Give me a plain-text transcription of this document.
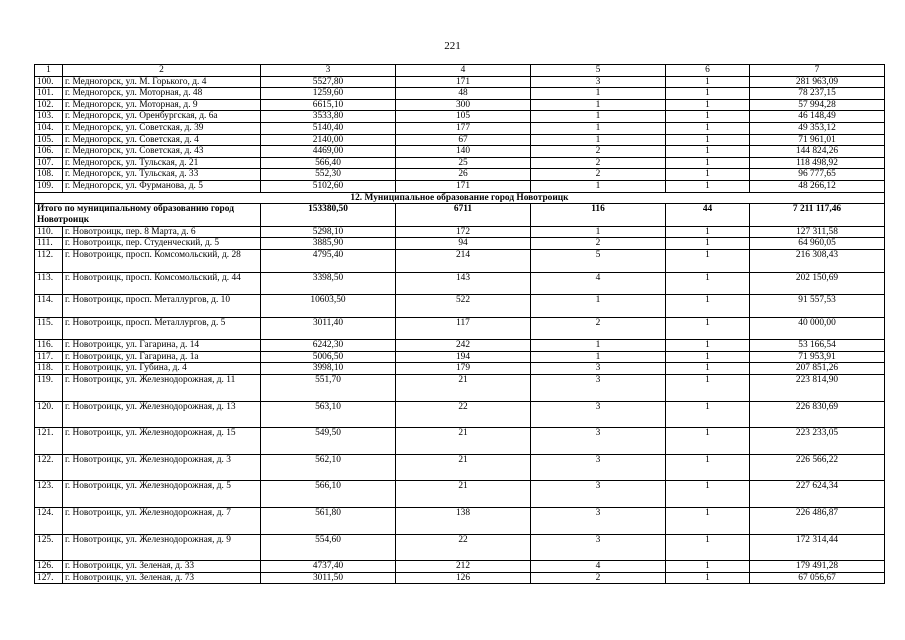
221
1	2	3	4	5	6	7
100.	г. Медногорск, ул. М. Горького, д. 4	5527,80	171	3	1	281 963,09
101.	г. Медногорск, ул. Моторная, д. 48	1259,60	48	1	1	78 237,15
102.	г. Медногорск, ул. Моторная, д. 9	6615,10	300	1	1	57 994,28
103.	г. Медногорск, ул. Оренбургская, д. 6а	3533,80	105	1	1	46 148,49
104.	г. Медногорск, ул. Советская, д. 39	5140,40	177	1	1	49 353,12
105.	г. Медногорск, ул. Советская, д. 4	2140,00	67	1	1	71 961,01
106.	г. Медногорск, ул. Советская, д. 43	4469,00	140	2	1	144 824,26
107.	г. Медногорск, ул. Тульская, д. 21	566,40	25	2	1	118 498,92
108.	г. Медногорск, ул. Тульская, д. 33	552,30	26	2	1	96 777,65
109.	г. Медногорск, ул. Фурманова, д. 5	5102,60	171	1	1	48 266,12
12. Муниципальное образование город Новотроицк						
Итого по муниципальному образованию город Новотроицк		153380,50	6711	116	44	7 211 117,46
110.	г. Новотроицк, пер. 8 Марта, д. 6	5298,10	172	1	1	127 311,58
111.	г. Новотроицк, пер. Студенческий, д. 5	3885,90	94	2	1	64 960,05
112.	г. Новотроицк, просп. Комсомольский, д. 28	4795,40	214	5	1	216 308,43
113.	г. Новотроицк, просп. Комсомольский, д. 44	3398,50	143	4	1	202 150,69
114.	г. Новотроицк, просп. Металлургов, д. 10	10603,50	522	1	1	91 557,53
115.	г. Новотроицк, просп. Металлургов, д. 5	3011,40	117	2	1	40 000,00
116.	г. Новотроицк, ул. Гагарина, д. 14	6242,30	242	1	1	53 166,54
117.	г. Новотроицк, ул. Гагарина, д. 1а	5006,50	194	1	1	71 953,91
118.	г. Новотроицк, ул. Губина, д. 4	3998,10	179	3	1	207 851,26
119.	г. Новотроицк, ул. Железнодорожная, д. 11	551,70	21	3	1	223 814,90
120.	г. Новотроицк, ул. Железнодорожная, д. 13	563,10	22	3	1	226 830,69
121.	г. Новотроицк, ул. Железнодорожная, д. 15	549,50	21	3	1	223 233,05
122.	г. Новотроицк, ул. Железнодорожная, д. 3	562,10	21	3	1	226 566,22
123.	г. Новотроицк, ул. Железнодорожная, д. 5	566,10	21	3	1	227 624,34
124.	г. Новотроицк, ул. Железнодорожная, д. 7	561,80	138	3	1	226 486,87
125.	г. Новотроицк, ул. Железнодорожная, д. 9	554,60	22	3	1	172 314,44
126.	г. Новотроицк, ул. Зеленая, д. 33	4737,40	212	4	1	179 491,28
127.	г. Новотроицк, ул. Зеленая, д. 73	3011,50	126	2	1	67 056,67
